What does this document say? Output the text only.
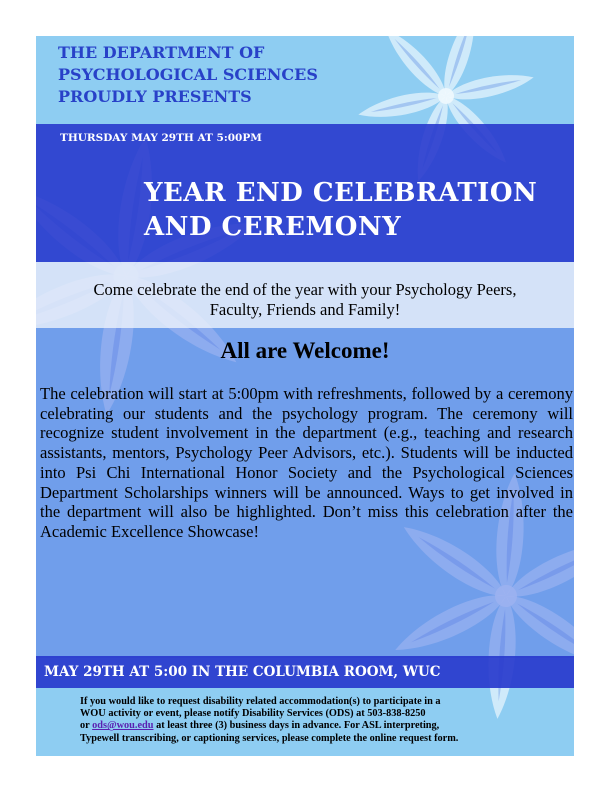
THE DEPARTMENT OF
PSYCHOLOGICAL SCIENCES
PROUDLY PRESENTS
THURSDAY MAY 29TH AT 5:00PM
YEAR END CELEBRATION
AND CEREMONY
Come celebrate the end of the year with your Psychology Peers,
Faculty, Friends and Family!
All are Welcome!
The celebration will start at 5:00pm with refreshments, followed by a ceremony celebrating our students and the psychology program. The ceremony will recognize student involvement in the department (e.g., teaching and research assistants, mentors, Psychology Peer Advisors, etc.). Students will be inducted into Psi Chi International Honor Society and the Psychological Sciences Department Scholarships winners will be announced. Ways to get involved in the department will also be highlighted. Don’t miss this celebration after the Academic Excellence Showcase!
MAY 29TH AT 5:00 IN THE COLUMBIA ROOM, WUC
If you would like to request disability related accommodation(s) to participate in a
WOU activity or event, please notify Disability Services (ODS) at 503-838-8250
or ods@wou.edu at least three (3) business days in advance. For ASL interpreting,
Typewell transcribing, or captioning services, please complete the online request form.
